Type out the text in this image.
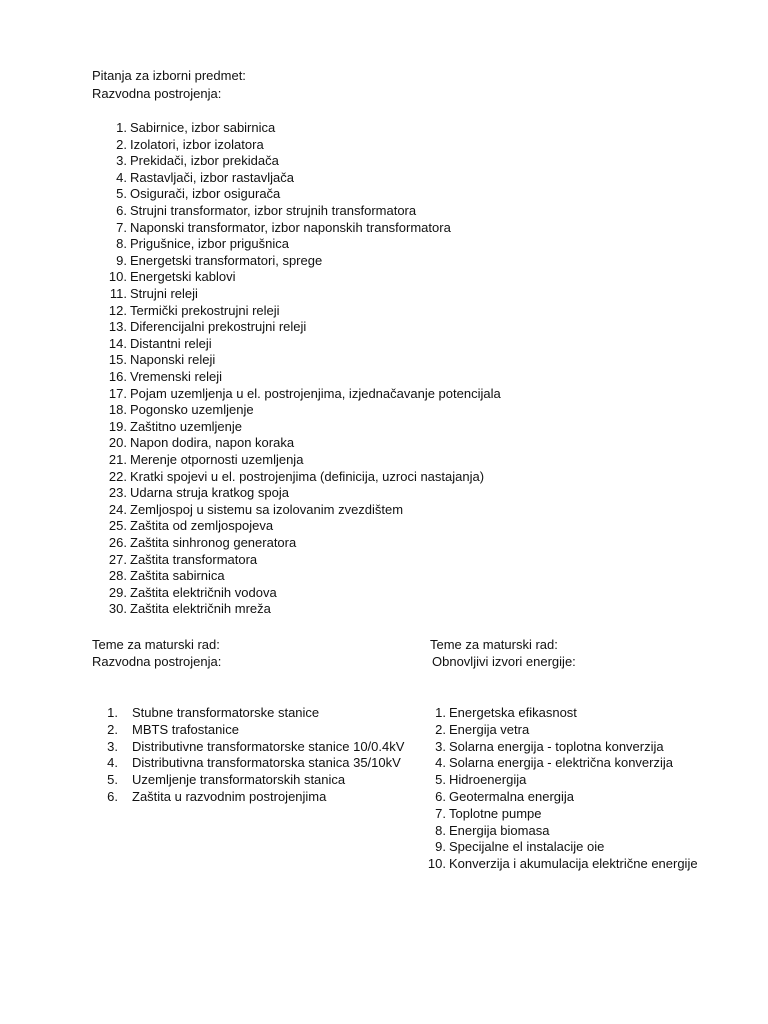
Pitanja za izborni predmet:
Razvodna postrojenja:
1. Sabirnice, izbor sabirnica
2. Izolatori, izbor izolatora
3. Prekidači, izbor prekidača
4. Rastavljači, izbor rastavljača
5. Osigurači, izbor osigurača
6. Strujni transformator, izbor strujnih transformatora
7. Naponski transformator, izbor naponskih transformatora
8. Prigušnice, izbor prigušnica
9. Energetski transformatori, sprege
10. Energetski kablovi
11. Strujni releji
12. Termički prekostrujni releji
13. Diferencijalni prekostrujni releji
14. Distantni releji
15. Naponski releji
16. Vremenski releji
17. Pojam uzemljenja u el. postrojenjima, izjednačavanje potencijala
18. Pogonsko uzemljenje
19. Zaštitno uzemljenje
20. Napon dodira, napon koraka
21. Merenje otpornosti uzemljenja
22. Kratki spojevi u el. postrojenjima (definicija, uzroci nastajanja)
23. Udarna struja kratkog spoja
24. Zemljospoj u sistemu sa izolovanim zvezdištem
25. Zaštita od zemljospojeva
26. Zaštita sinhronog generatora
27. Zaštita transformatora
28. Zaštita sabirnica
29. Zaštita električnih vodova
30. Zaštita električnih mreža
Teme za maturski rad:
Razvodna postrojenja:
1. Stubne transformatorske stanice
2. MBTS trafostanice
3. Distributivne transformatorske stanice 10/0.4kV
4. Distributivna transformatorska stanica 35/10kV
5. Uzemljenje transformatorskih stanica
6. Zaštita u razvodnim postrojenjima
Teme za maturski rad:
Obnovljivi izvori energije:
1. Energetska efikasnost
2. Energija vetra
3. Solarna energija - toplotna konverzija
4. Solarna energija - električna konverzija
5. Hidroenergija
6. Geotermalna energija
7. Toplotne pumpe
8. Energija biomasa
9. Specijalne el instalacije oie
10. Konverzija i akumulacija električne energije
